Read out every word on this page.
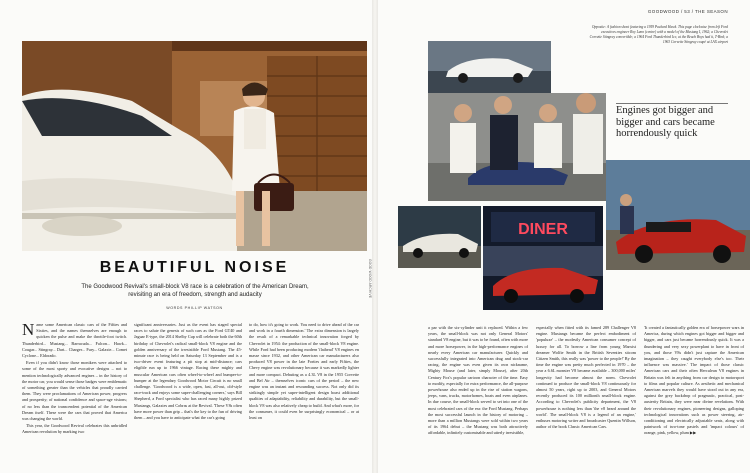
GOOD WOOD ARCHIVE
BEAUTIFUL NOISE
The Goodwood Revival's small-block V8 race is a celebration of the American Dream, revisiting an era of freedom, strength and audacity
WORDS PHILLIP WATSON
N ame some American classic cars of the Fifties and Sixties, and the names themselves are enough to quicken the pulse and make the throttle-foot twitch. Thunderbird... Mustang... Barracuda... Falcon... Hawk... Cougar... Stingray... Dart... Charger... Fury... Galaxie... Comet Cyclone... Eldorado.

Even if you didn't know those monikers were attached to some of the most sporty and evocative designs – not to mention technologically advanced engines – in the history of the motor car, you would sense those badges were emblematic of something greater than the vehicles that proudly carried them. They were proclamations of American power, progress and prosperity; of national confidence and space-age visions; of no less than the transcendent potential of the American Dream itself. These were the cars that proved that America was changing the world.

This year, the Goodwood Revival celebrates this unbridled American revolution by marking two

significant anniversaries. Just as the event has staged special races to salute the genesis of such cars as the Ford GT40 and Jaguar E-type, the 2014 Shelby Cup will celebrate both the 60th birthday of Chevrolet's radical small-block V8 engine and the golden anniversary of the irresistible Ford Mustang. The 45-minute race is being held on Saturday 13 September and is a two-driver event featuring a pit stop at mid-distance; cars eligible run up to 1966 vintage. Racing these mighty and muscular American cars often wheel-to-wheel and bumper-to-bumper at the legendary Goodwood Motor Circuit is no small challenge. 'Goodwood is a wide, open, fast, all-out, old-style race-track and enjoys some super-challenging corners,' says Bill Shepherd, a Ford specialist who has raced many highly prized Mustangs, Galaxies and Cobras at the Revival. 'These V8s often have more power than grip – that's the key to the fun of driving them – and you have to anticipate what the car's going

to do, how it's going to work. You need to drive ahead of the car and work in a fourth dimension.' The extra dimension is largely the result of a remarkable technical innovation forged by Chevrolet in 1954: the production of the small-block V8 engine. While Ford had been producing modern 'flathead' V8 engines en masse since 1932, and other American car manufacturers also produced V8 power in the late Forties and early Fifties, the Chevy engine was revolutionary because it was markedly lighter and more compact. Debuting as a 4.3L V8 in the 1955 Corvette and Bel Air – themselves iconic cars of the period – the new engine was an instant and resounding success. Not only did its strikingly simple yet super-intelligent design boast additional qualities of adaptability, reliability and durability, but the small-block V8 was also relatively cheap to build. And what's more, for the consumer, it could even be surprisingly economical – or at least on

GOODWOOD / 53 / THE SEASON
Opposite: A fashion shoot featuring a 1959 Packard Hawk. This page clockwise from left Ford executives engineer Roy Lunn (centre) with a model of the Mustang I, 1962; a Chevrolet Corvette Stingray convertible; a 1964 Ford Thunderbird Ice, at the Beach Boys had it, T-Bird; a 1963 Corvette Stingray coupé at LAX airport
Engines got bigger and bigger and cars became horrendously quick
DINER

a par with the six-cylinder unit it replaced. Within a few years, the small-block was not only General Motors' standard V8 engine, but it was to be found, often with more and more horsepower, in the high-performance engines of nearly every American car manufacturer. Quickly and successfully integrated into American drag and stock-car racing, the engine was even given its own nickname, Mighty Mouse (and later, simply Mouse), after 20th Century Fox's popular cartoon character of the time. Easy to modify, especially for extra performance, the all-purpose powerhouse also ended up in the rise of station wagons, jeeps, vans, trucks, motorhomes, boats and even airplanes. In due course, the small-block served to set into one of the most celebrated cars of the era: the Ford Mustang. Perhaps the most successful launch in the history of motoring – more than a million Mustangs were sold within two years of its 1964 debut – the Mustang was both attractively affordable, infinitely customisable and utterly irresistible,

especially when fitted with its famed 289 Challenger V8 engine. Mustangs became the perfect embodiment of 'populuxe' – the modestly American consumer concept of luxury for all. To borrow a line from young Marxist dreamer Wolfie Smith in the British Seventies sitcom Citizen Smith, this really was 'power to the people!' By the time the engine was pretty much perfected in 1970 – the year a 6.6L monster V8 became available – 300,000 miles' longevity had become almost the norm. Chevrolet continued to produce the small-block V8 continuously for almost 50 years, right up to 2003, and General Motors recently produced its 100 millionth small-block engine. According to Chevrolet's publicity department, the V8 powerhouse is nothing less than 'the v8 heard around the world'. The small-block V8 is a legend of an engine,' enthuses motoring writer and broadcaster Quentin Willson, author of the book Classic American Cars.

'It created a fantastically golden era of horsepower wars in America, during which engines got bigger and bigger and bigger, and cars just became horrendously quick. It was a thundering and very sexy powerplant to have in front of you, and those V8s didn't just capture the American imagination – they caught everybody else's too. Their influence was massive.' The impact of those classic American cars and their often Herculean V8 engines in Britain was felt in anything from car design to motorsport to films and popular culture. As aesthetic and mechanical American marvels they would have stood out in any era, against the grey backdrop of pragmatic, practical, post-austerity Britain, they were near divine revelations. With their revolutionary engines, pioneering designs, galloping technological innovations such as power steering, air-conditioning and electrically adjustable seats, along with paintwork of two-tone pastels and 'impact colours' of orange, pink, yellow, plum ▶▶
